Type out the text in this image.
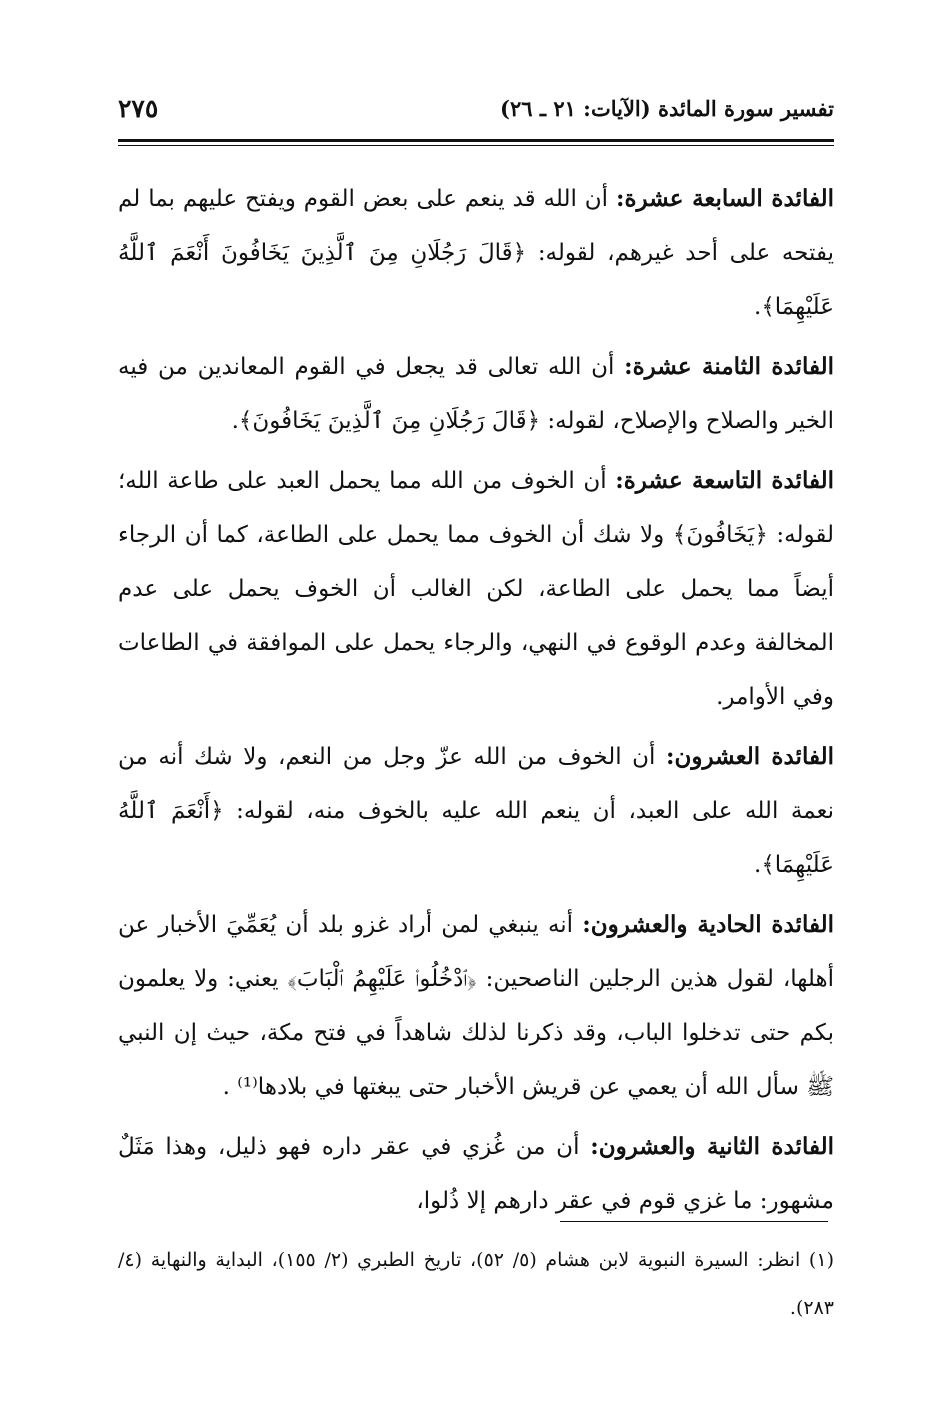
تفسير سورة المائدة (الآيات: ٢١ ـ ٢٦)
٢٧٥

الفائدة السابعة عشرة: أن الله قد ينعم على بعض القوم ويفتح عليهم بما لم يفتحه على أحد غيرهم، لقوله: ﴿قَالَ رَجُلَانِ مِنَ ٱلَّذِينَ يَخَافُونَ أَنْعَمَ ٱللَّهُ عَلَيْهِمَا﴾.

الفائدة الثامنة عشرة: أن الله تعالى قد يجعل في القوم المعاندين من فيه الخير والصلاح والإصلاح، لقوله: ﴿قَالَ رَجُلَانِ مِنَ ٱلَّذِينَ يَخَافُونَ﴾.

الفائدة التاسعة عشرة: أن الخوف من الله مما يحمل العبد على طاعة الله؛ لقوله: ﴿يَخَافُونَ﴾ ولا شك أن الخوف مما يحمل على الطاعة، كما أن الرجاء أيضاً مما يحمل على الطاعة، لكن الغالب أن الخوف يحمل على عدم المخالفة وعدم الوقوع في النهي، والرجاء يحمل على الموافقة في الطاعات وفي الأوامر.

الفائدة العشرون: أن الخوف من الله عزّ وجل من النعم، ولا شك أنه من نعمة الله على العبد، أن ينعم الله عليه بالخوف منه، لقوله: ﴿أَنْعَمَ ٱللَّهُ عَلَيْهِمَا﴾.

الفائدة الحادية والعشرون: أنه ينبغي لمن أراد غزو بلد أن يُعَمِّيَ الأخبار عن أهلها، لقول هذين الرجلين الناصحين: ﴿ٱدْخُلُوا۟ عَلَيْهِمُ ٱلْبَابَ﴾ يعني: ولا يعلمون بكم حتى تدخلوا الباب، وقد ذكرنا لذلك شاهداً في فتح مكة، حيث إن النبي ﷺ سأل الله أن يعمي عن قريش الأخبار حتى يبغتها في بلادها⁽¹⁾ .

الفائدة الثانية والعشرون: أن من غُزي في عقر داره فهو ذليل، وهذا مَثَلٌ مشهور: ما غزي قوم في عقر دارهم إلا ذُلوا،

(١) انظر: السيرة النبوية لابن هشام (٥/ ٥٢)، تاريخ الطبري (٢/ ١٥٥)، البداية والنهاية (٤/ ٢٨٣).
